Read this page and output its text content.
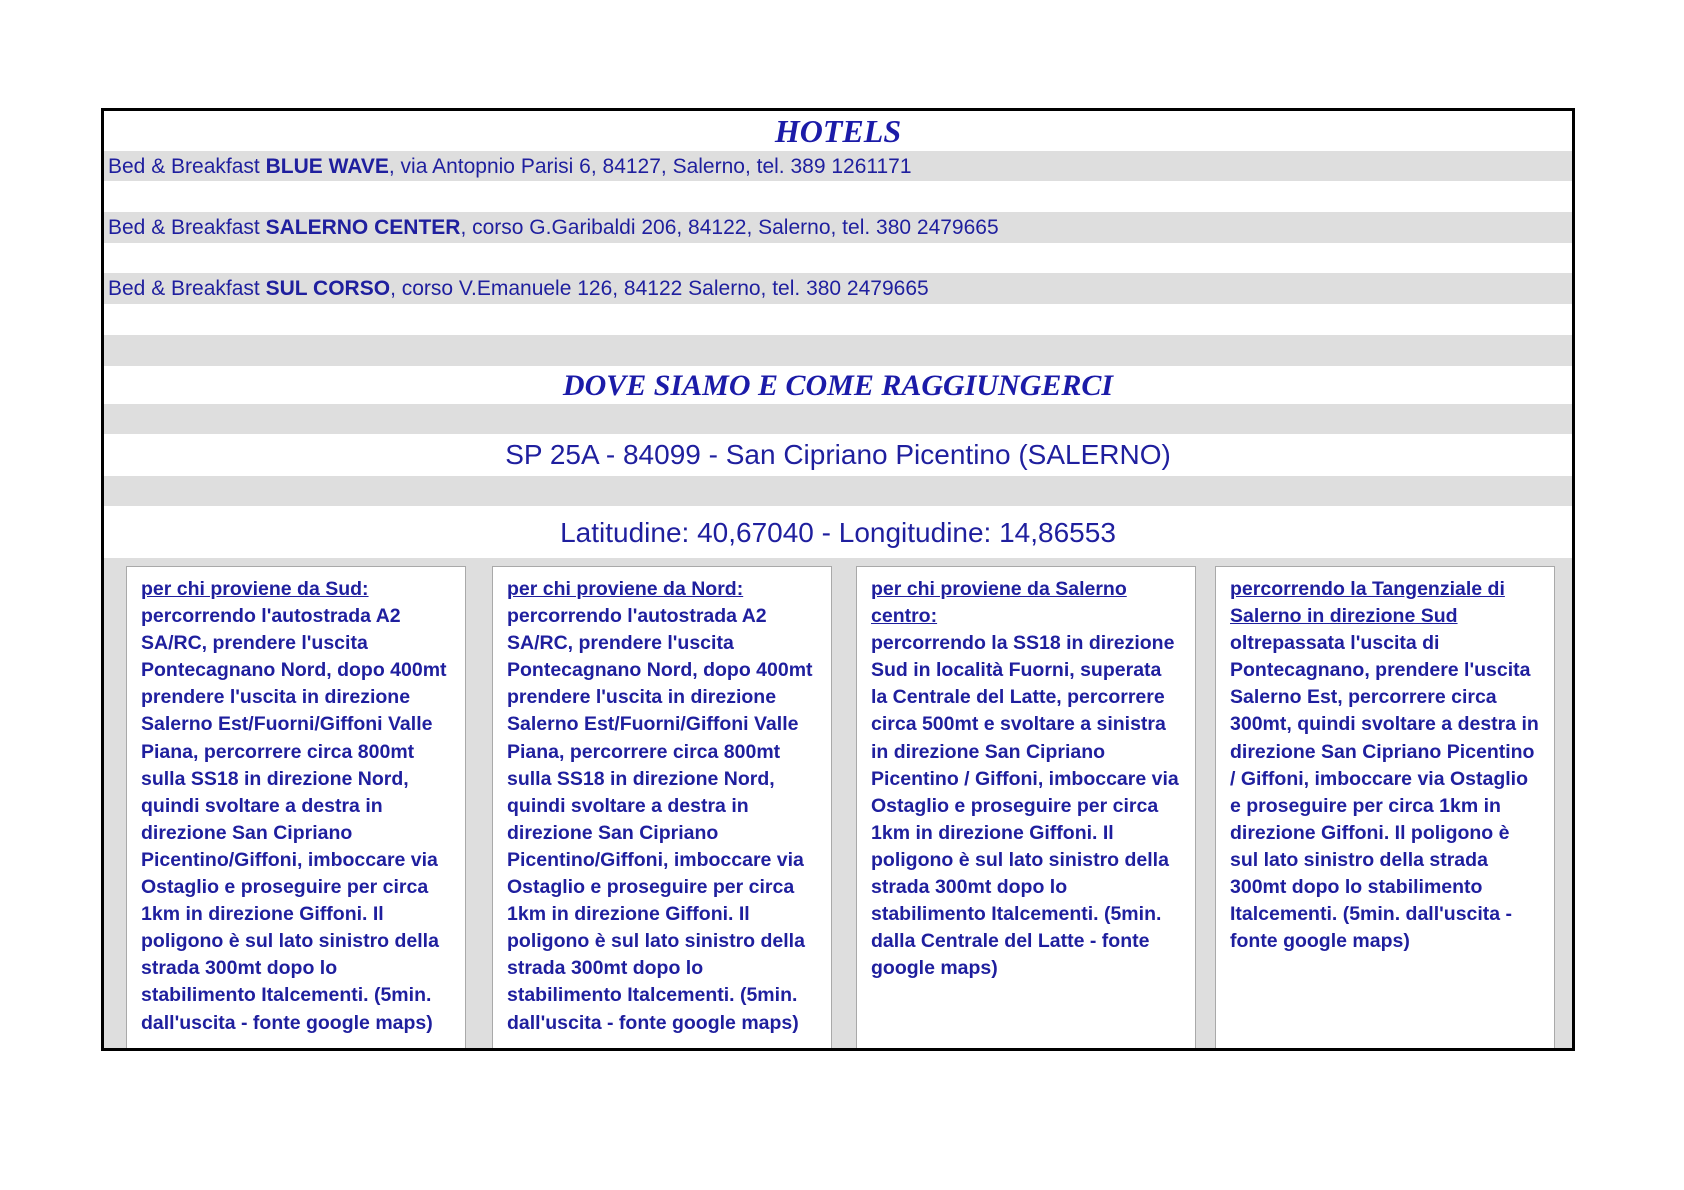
HOTELS
Bed & Breakfast BLUE WAVE, via Antopnio Parisi 6, 84127, Salerno, tel. 389 1261171
Bed & Breakfast SALERNO CENTER, corso G.Garibaldi 206, 84122, Salerno, tel. 380 2479665
Bed & Breakfast SUL CORSO, corso V.Emanuele 126, 84122 Salerno, tel. 380 2479665
DOVE SIAMO E COME RAGGIUNGERCI
SP 25A - 84099 - San Cipriano Picentino (SALERNO)
Latitudine: 40,67040 - Longitudine: 14,86553
per chi proviene da Sud:
percorrendo l'autostrada A2 SA/RC, prendere l'uscita Pontecagnano Nord, dopo 400mt prendere l'uscita in direzione Salerno Est/Fuorni/Giffoni Valle Piana, percorrere circa 800mt sulla SS18 in direzione Nord, quindi svoltare a destra in direzione San Cipriano Picentino/Giffoni, imboccare via Ostaglio e proseguire per circa 1km in direzione Giffoni. Il poligono è sul lato sinistro della strada 300mt dopo lo stabilimento Italcementi. (5min. dall'uscita - fonte google maps)
per chi proviene da Nord:
percorrendo l'autostrada A2 SA/RC, prendere l'uscita Pontecagnano Nord, dopo 400mt prendere l'uscita in direzione Salerno Est/Fuorni/Giffoni Valle Piana, percorrere circa 800mt sulla SS18 in direzione Nord, quindi svoltare a destra in direzione San Cipriano Picentino/Giffoni, imboccare via Ostaglio e proseguire per circa 1km in direzione Giffoni. Il poligono è sul lato sinistro della strada 300mt dopo lo stabilimento Italcementi. (5min. dall'uscita - fonte google maps)
per chi proviene da Salerno centro:
percorrendo la SS18 in direzione Sud in località Fuorni, superata la Centrale del Latte, percorrere circa 500mt e svoltare a sinistra in direzione San Cipriano Picentino / Giffoni, imboccare via Ostaglio e proseguire per circa 1km in direzione Giffoni. Il poligono è sul lato sinistro della strada 300mt dopo lo stabilimento Italcementi. (5min. dalla Centrale del Latte - fonte google maps)
percorrendo la Tangenziale di Salerno in direzione Sud
oltrepassata l'uscita di Pontecagnano, prendere l'uscita Salerno Est, percorrere circa 300mt, quindi svoltare a destra in direzione San Cipriano Picentino / Giffoni, imboccare via Ostaglio e proseguire per circa 1km in direzione Giffoni. Il poligono è sul lato sinistro della strada 300mt dopo lo stabilimento Italcementi. (5min. dall'uscita - fonte google maps)
